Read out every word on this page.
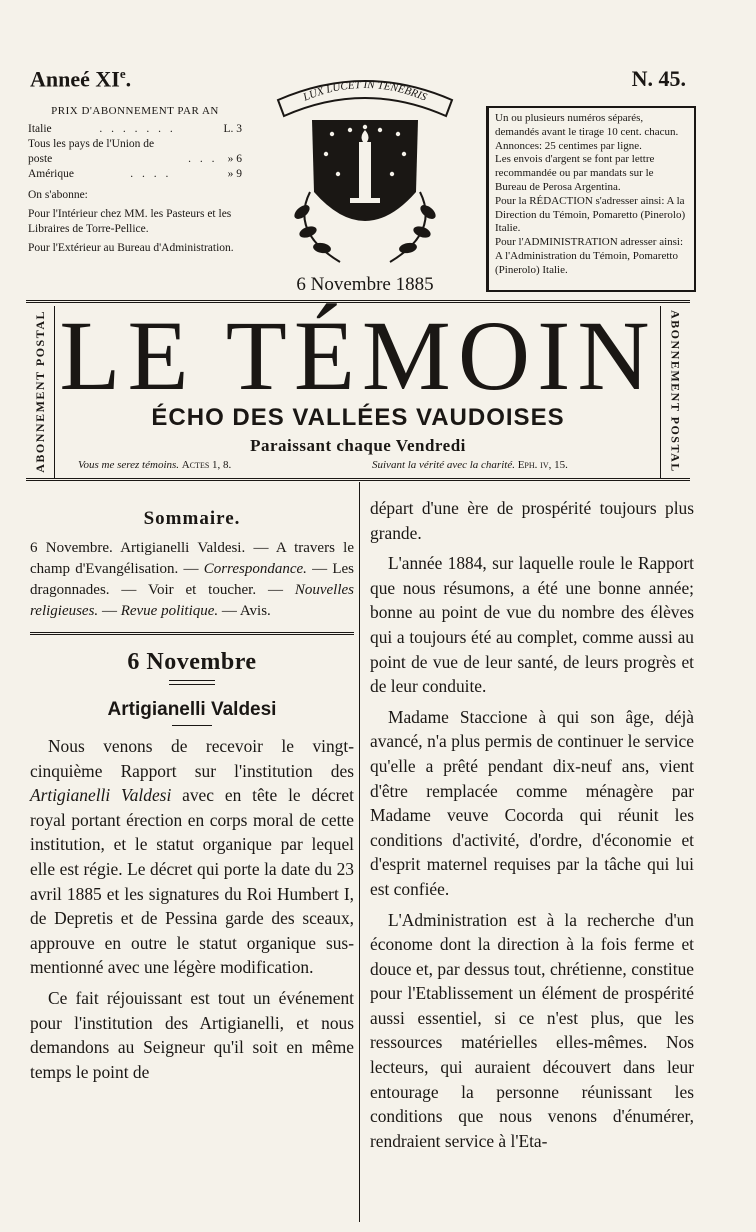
Anneé XIe.	N. 45.
PRIX D'ABONNEMENT PAR AN
Italie	. . . . . . .	L. 3
Tous les pays de l'Union de poste	. . . » 6
Amérique	. . . .	» 9

On s'abonne:

Pour l'Intérieur chez MM. les Pasteurs et les Libraires de Torre-Pellice.

Pour l'Extérieur au Bureau d'Administration.

LUX LUCET IN TENEBRIS
6 Novembre 1885

Un ou plusieurs numéros séparés, demandés avant le tirage 10 cent. chacun.

Annonces: 25 centimes par ligne.

Les envois d'argent se font par lettre recommandée ou par mandats sur le Bureau de Perosa Argentina.

Pour la RÉDACTION s'adresser ainsi: A la Direction du Témoin, Pomaretto (Pinerolo) Italie.

Pour l'ADMINISTRATION adresser ainsi: A l'Administration du Témoin, Pomaretto (Pinerolo) Italie.

ABONNEMENT POSTAL LE TÉMOIN
ÉCHO DES VALLÉES VAUDOISES
Paraissant chaque Vendredi
Vous me serez témoins. Actes 1, 8.	Suivant la vérité avec la charité. Eph. iv, 15.	ABONNEMENT POSTAL
Sommaire.
6 Novembre. Artigianelli Valdesi. — A travers le champ d'Evangélisation. — Correspondance. — Les dragonnades. — Voir et toucher. — Nouvelles religieuses. — Revue politique. — Avis.
6 Novembre
Artigianelli Valdesi

Nous venons de recevoir le vingt-cinquième Rapport sur l'institution des Artigianelli Valdesi avec en tête le décret royal portant érection en corps moral de cette institution, et le statut organique par lequel elle est régie. Le décret qui porte la date du 23 avril 1885 et les signatures du Roi Humbert I, de Depretis et de Pessina garde des sceaux, approuve en outre le statut organique sus-mentionné avec une légère modification.

Ce fait réjouissant est tout un événement pour l'institution des Artigianelli, et nous demandons au Seigneur qu'il soit en même temps le point de

départ d'une ère de prospérité toujours plus grande.

L'année 1884, sur laquelle roule le Rapport que nous résumons, a été une bonne année; bonne au point de vue du nombre des élèves qui a toujours été au complet, comme aussi au point de vue de leur santé, de leurs progrès et de leur conduite.

Madame Staccione à qui son âge, déjà avancé, n'a plus permis de continuer le service qu'elle a prêté pendant dix-neuf ans, vient d'être remplacée comme ménagère par Madame veuve Cocorda qui réunit les conditions d'activité, d'ordre, d'économie et d'esprit maternel requises par la tâche qui lui est confiée.

L'Administration est à la recherche d'un économe dont la direction à la fois ferme et douce et, par dessus tout, chrétienne, constitue pour l'Etablissement un élément de prospérité aussi essentiel, si ce n'est plus, que les ressources matérielles elles-mêmes. Nos lecteurs, qui auraient découvert dans leur entourage la personne réunissant les conditions que nous venons d'énumérer, rendraient service à l'Eta-
